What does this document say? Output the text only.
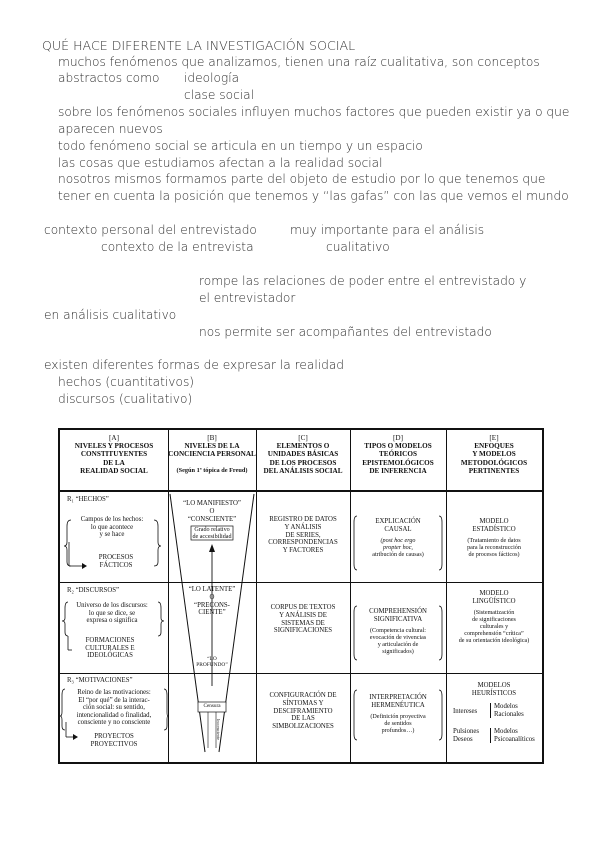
QUÉ HACE DIFERENTE LA INVESTIGACIÓN SOCIAL
muchos fenómenos que analizamos, tienen una raíz cualitativa, son conceptos
abstractos como ideología
clase social
sobre los fenómenos sociales influyen muchos factores que pueden existir ya o que
aparecen nuevos
todo fenómeno social se articula en un tiempo y un espacio
las cosas que estudiamos afectan a la realidad social
nosotros mismos formamos parte del objeto de estudio por lo que tenemos que
tener en cuenta la posición que tenemos y “las gafas” con las que vemos el mundo
contexto personal del entrevistado	muy importante para el análisis
contexto de la entrevista	cualitativo
rompe las relaciones de poder entre el entrevistado y
el entrevistador
en análisis cualitativo
nos permite ser acompañantes del entrevistado
existen diferentes formas de expresar la realidad
hechos (cuantitativos)
discursos (cualitativo)
[A]
NIVELES Y PROCESOS
CONSTITUYENTES
DE LA
REALIDAD SOCIAL
[B]
NIVELES DE LA
CONCIENCIA PERSONAL
(Según 1ª tópica de Freud)
[C]
ELEMENTOS O
UNIDADES BÁSICAS
DE LOS PROCESOS
DEL ANÁLISIS SOCIAL
[D]
TIPOS O MODELOS
TEÓRICOS
EPISTEMOLÓGICOS
DE INFERENCIA
[E]
ENFOQUES
Y MODELOS
METODOLÓGICOS
PERTINENTES
R₁ “HECHOS”
Campos de los hechos:
lo que acontece
y se hace
PROCESOS
FÁCTICOS
R₂ “DISCURSOS”
Universo de los discursos:
lo que se dice, se
expresa o significa
FORMACIONES
CULTURALES E
IDEOLÓGICAS
R₃ “MOTIVACIONES”
Reino de las motivaciones:
El “por qué” de la interac-
ción social: su sentido,
intencionalidad o finalidad,
consciente y no consciente
PROYECTOS
PROYECTIVOS
“LO MANIFIESTO”
O
“CONSCIENTE”
Grado relativo
de accesibilidad
“LO LATENTE”
O
“PRECONS-
CIENTE”
“LO
PROFUNDO”
Censura
Inconsciente
REGISTRO DE DATOS
Y ANÁLISIS
DE SERIES,
CORRESPONDENCIAS
Y FACTORES
CORPUS DE TEXTOS
Y ANÁLISIS DE
SISTEMAS DE
SIGNIFICACIONES
CONFIGURACIÓN DE
SÍNTOMAS Y
DESCIFRAMIENTO
DE LAS
SIMBOLIZACIONES
EXPLICACIÓN
CAUSAL
(post hoc ergo
propter hoc,
atribución de causas)
COMPREHENSIÓN
SIGNIFICATIVA
(Competencia cultural:
evocación de vivencias
y articulación de
significados)
INTERPRETACIÓN
HERMENÉUTICA
(Definición proyectiva
de sentidos
profundos…)
MODELO
ESTADÍSTICO
(Tratamiento de datos
para la reconstrucción
de procesos fácticos)
MODELO
LINGÜÍSTICO
(Sistematización
de significaciones
culturales y
comprehensión “crítica”
de su orientación ideológica)
MODELOS
HEURÍSTICOS
Intereses
Modelos
Racionales
Pulsiones
Deseos
Modelos
Psicoanalíticos
